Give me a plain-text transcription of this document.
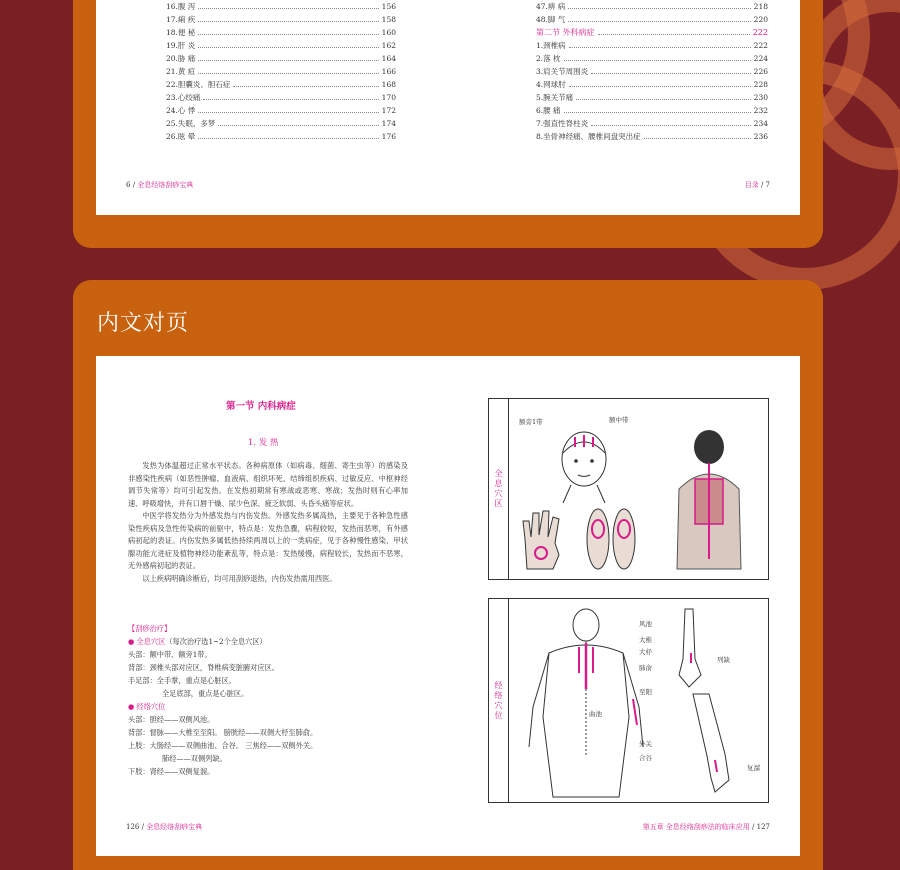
16.腹 泻	156
17.痢 疾	158
18.便 秘	160
19.肝 炎	162
20.胁 痛	164
21.黄 疸	166
22.胆囊炎、胆石症	168
23.心绞痛	170
24.心 悸	172
25.失眠、多梦	174
26.眩 晕	176
47.痹 病	218
48.脚 气	220
第二节 外科病症	222
1.颈椎病	222
2.落 枕	224
3.肩关节周围炎	226
4.网球肘	228
5.腕关节痛	230
6.腰 痛	232
7.强直性脊柱炎	234
8.坐骨神经痛、腰椎间盘突出症	236
6 / 全息经络刮痧宝典	目录 / 7
内文对页
第一节 内科病症
1. 发 热

发热为体温超过正常水平状态。各种病原体（如病毒、细菌、寄生虫等）的感染及非感染性疾病（如恶性肿瘤、血液病、组织坏死、结缔组织疾病、过敏反应、中枢神经调节失常等）均可引起发热。在发热初期常有寒战或恶寒、寒战；发热时则有心率加速、呼吸增快，并有口唇干燥、尿少色深、疲乏软弱、头昏头痛等症状。

中医学将发热分为外感发热与内伤发热。外感发热多属高热，主要见于各种急性感染性疾病及急性传染病的前驱中，特点是：发热急骤，病程较短，发热而恶寒，有外感病初起的表证。内伤发热多属低热持续两周以上的一类病症，见于各种慢性感染、甲状腺功能亢进症及植物神经功能紊乱等，特点是：发热缓慢，病程较长，发热而不恶寒，无外感病初起的表证。

以上疾病明确诊断后，均可用刮痧退热，内伤发热需用西医。

【刮痧治疗】
● 全息穴区（每次治疗选1~2个全息穴区）
头部：额中带、额旁1带。
背部：颈椎头部对应区，脊椎病变脏腑对应区。
手足部：全手掌，重点是心脏区。
全足底部，重点是心脏区。
● 经络穴位
头部：胆经——双侧风池。
背部：督脉——大椎至至阳。 膀胱经——双侧大杼至肺俞。
上肢：大肠经——双侧曲池、合谷。 三焦经——双侧外关。
肺经——双侧列缺。
下肢：肾经——双侧复溜。
126 / 全息经络刮痧宝典
全息穴区
额旁1带	额中带
经络穴位
风池
大椎
大杼
肺俞
至阳
曲池
外关
合谷
列缺
复溜
第五章 全息经络刮痧法的临床应用 / 127
